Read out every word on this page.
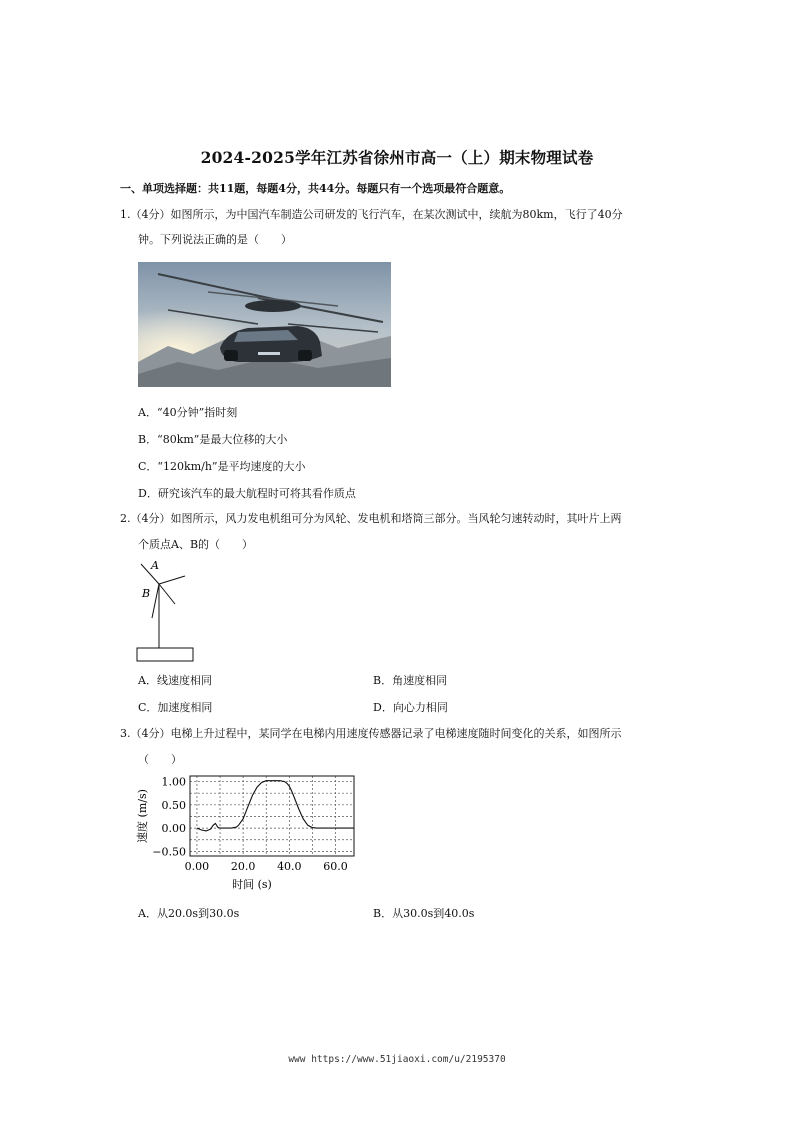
2024-2025学年江苏省徐州市高一（上）期末物理试卷
一、单项选择题：共11题，每题4分，共44分。每题只有一个选项最符合题意。
1.（4分）如图所示，为中国汽车制造公司研发的飞行汽车，在某次测试中，续航为80km，飞行了40分
钟。下列说法正确的是（　　）
A．“40分钟”指时刻
B．“80km”是最大位移的大小
C．“120km/h”是平均速度的大小
D．研究该汽车的最大航程时可将其看作质点
2.（4分）如图所示，风力发电机组可分为风轮、发电机和塔筒三部分。当风轮匀速转动时，其叶片上两
个质点A、B的（　　）
A
B
A．线速度相同	B．角速度相同
C．加速度相同	D．向心力相同
3.（4分）电梯上升过程中，某同学在电梯内用速度传感器记录了电梯速度随时间变化的关系，如图所示
（　　）
1.00
0.50
0.00
−0.50
0.00 20.0 40.0 60.0
速度 (m/s)
时间 (s)
A．从20.0s到30.0s	B．从30.0s到40.0s
www https://www.51jiaoxi.com/u/2195370
